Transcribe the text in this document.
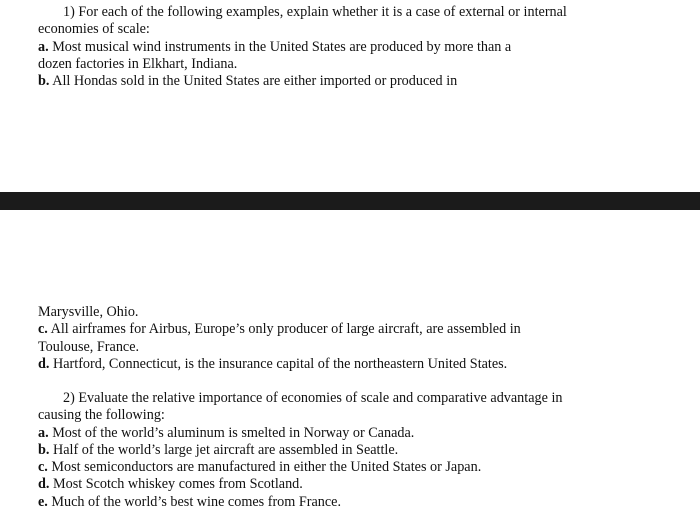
1) For each of the following examples, explain whether it is a case of external or internal
economies of scale:
a. Most musical wind instruments in the United States are produced by more than a
dozen factories in Elkhart, Indiana.
b. All Hondas sold in the United States are either imported or produced in
Marysville, Ohio.
c. All airframes for Airbus, Europe’s only producer of large aircraft, are assembled in
Toulouse, France.
d. Hartford, Connecticut, is the insurance capital of the northeastern United States.
2) Evaluate the relative importance of economies of scale and comparative advantage in
causing the following:
a. Most of the world’s aluminum is smelted in Norway or Canada.
b. Half of the world’s large jet aircraft are assembled in Seattle.
c. Most semiconductors are manufactured in either the United States or Japan.
d. Most Scotch whiskey comes from Scotland.
e. Much of the world’s best wine comes from France.
